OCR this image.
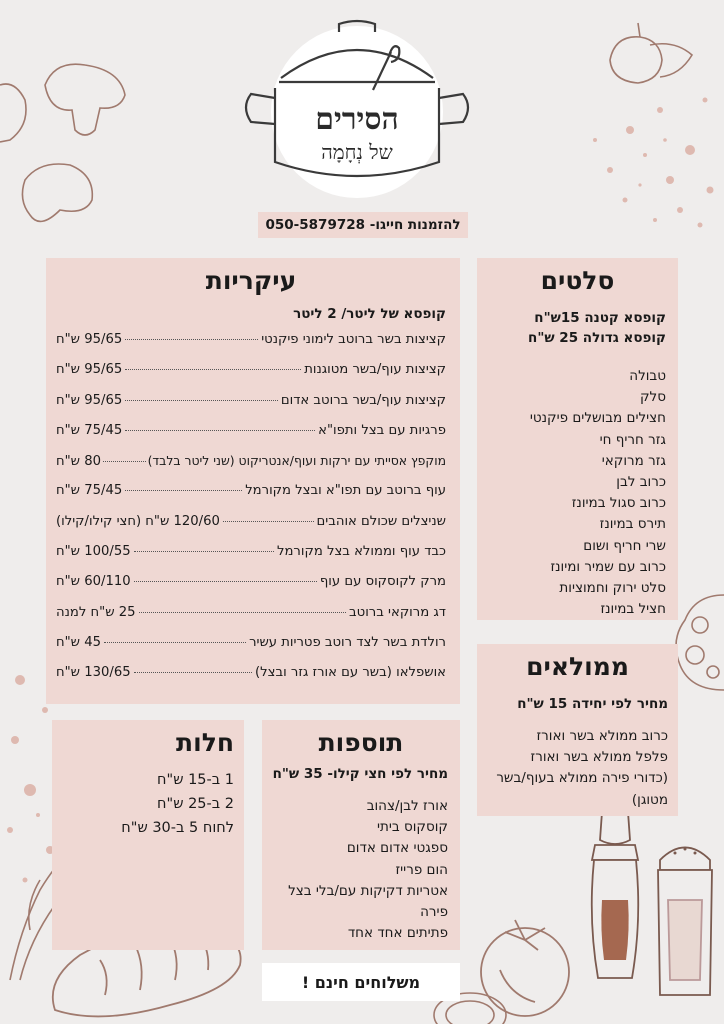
הסירים
של נְחָמָה
להזמנות חייגו- 050-5879728
עיקריות
קופסא של ליטר/ 2 ליטר
קציצות בשר ברוטב לימוני פיקנטי
95/65 ש"ח
קציצות עוף/בשר מטוגנות
95/65 ש"ח
קציצות עוף/בשר ברוטב אדום
95/65 ש"ח
פרגיות עם בצל ותפו"א
75/45 ש"ח
מוקפץ אסייתי עם ירקות ועוף/אנטריקוט (שני ליטר בלבד)
80 ש"ח
עוף ברוטב עם תפו"א ובצל מקורמל
75/45 ש"ח
שניצלים שכולם אוהבים
120/60 ש"ח (חצי קילו/קילו)
כבד עוף וממולא בצל מקורמל
100/55 ש"ח
מרק לקוסקוס עם עוף
60/110 ש"ח
דג מרוקאי ברוטב
25 ש"ח למנה
רולדת בשר לצד רוטב פטריות עשיר
45 ש"ח
אושפלאו (בשר עם אורז גזר ובצל)
130/65 ש"ח
סלטים
קופסא קטנה 15ש"ח
קופסא גדולה 25 ש"ח
טבולה
סלק
חצילים מבושלים פיקנטי
גזר חריף חי
גזר מרוקאי
כרוב לבן
כרוב סגול במיונז
תירס במיונז
שרי חריף ושום
כרוב עם שמיר ומיונז
סלט ירוק וחמוציות
חציל במיונז
ממולאים
מחיר לפי יחידה 15 ש"ח
כרוב ממולא בשר ואורז
פלפל ממולא בשר ואורז
(כדורי פירה ממולא בעוף/בשר
מטוגן)
תוספות
מחיר לפי חצי קילו- 35 ש"ח
אורז לבן/צהוב
קוסקוס ביתי
ספגטי אדום אדום
הום פרייז
אטריות דקיקות עם/בלי בצל
פירה
פתיתים אחד אחד
חלות
1 ב-15 ש"ח
2 ב-25 ש"ח
לחוח 5 ב-30 ש"ח
משלוחים חינם !
